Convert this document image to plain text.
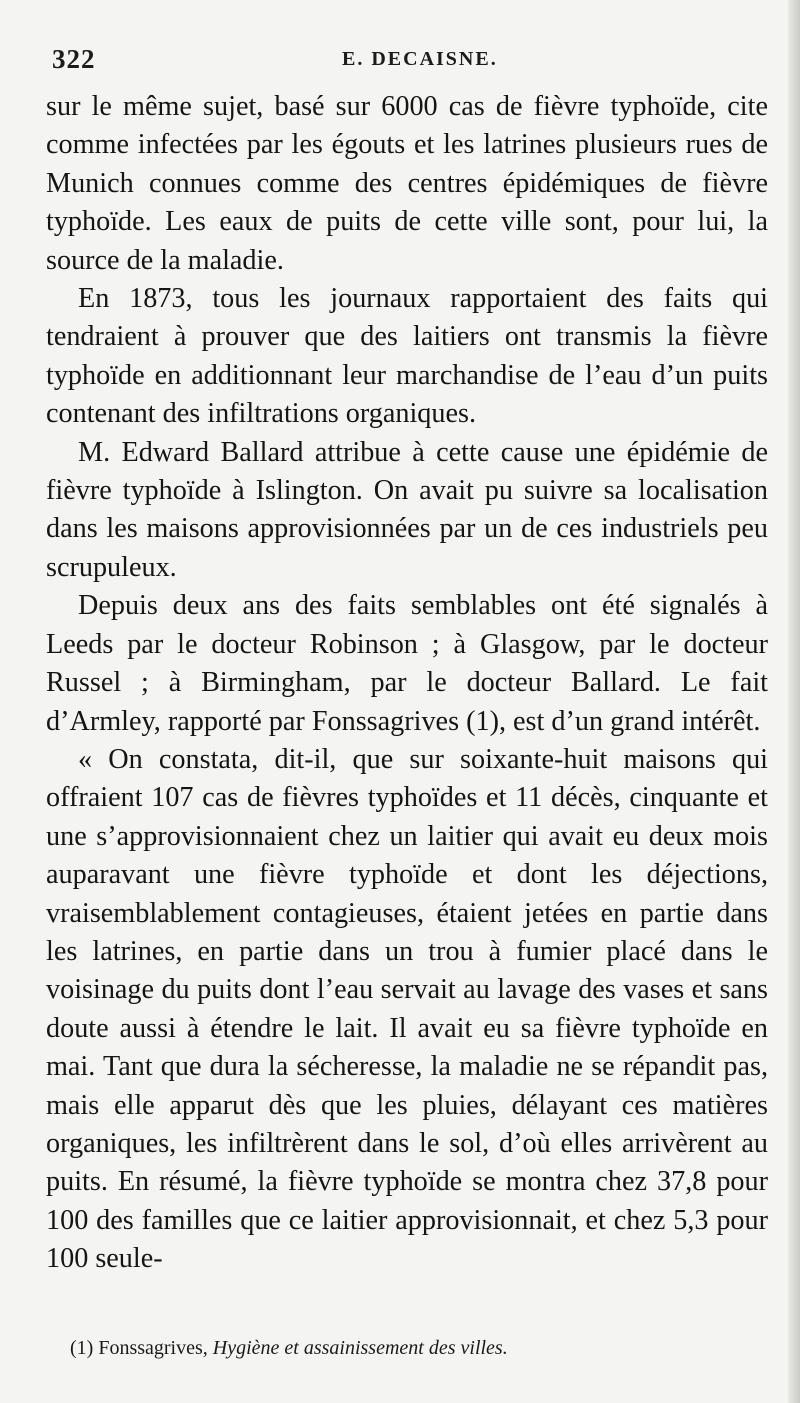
322	E. DECAISNE.

sur le même sujet, basé sur 6000 cas de fièvre typhoïde, cite comme infectées par les égouts et les latrines plusieurs rues de Munich connues comme des centres épidémiques de fièvre typhoïde. Les eaux de puits de cette ville sont, pour lui, la source de la maladie.

En 1873, tous les journaux rapportaient des faits qui tendraient à prouver que des laitiers ont transmis la fièvre typhoïde en additionnant leur marchandise de l’eau d’un puits contenant des infiltrations organiques.

M. Edward Ballard attribue à cette cause une épidémie de fièvre typhoïde à Islington. On avait pu suivre sa localisation dans les maisons approvisionnées par un de ces industriels peu scrupuleux.

Depuis deux ans des faits semblables ont été signalés à Leeds par le docteur Robinson ; à Glasgow, par le docteur Russel ; à Birmingham, par le docteur Ballard. Le fait d’Armley, rapporté par Fonssagrives (1), est d’un grand intérêt.

« On constata, dit-il, que sur soixante-huit maisons qui offraient 107 cas de fièvres typhoïdes et 11 décès, cinquante et une s’approvisionnaient chez un laitier qui avait eu deux mois auparavant une fièvre typhoïde et dont les déjections, vraisemblablement contagieuses, étaient jetées en partie dans les latrines, en partie dans un trou à fumier placé dans le voisinage du puits dont l’eau servait au lavage des vases et sans doute aussi à étendre le lait. Il avait eu sa fièvre typhoïde en mai. Tant que dura la sécheresse, la maladie ne se répandit pas, mais elle apparut dès que les pluies, délayant ces matières organiques, les infiltrèrent dans le sol, d’où elles arrivèrent au puits. En résumé, la fièvre typhoïde se montra chez 37,8 pour 100 des familles que ce laitier approvisionnait, et chez 5,3 pour 100 seule-

(1) Fonssagrives, Hygiène et assainissement des villes.
